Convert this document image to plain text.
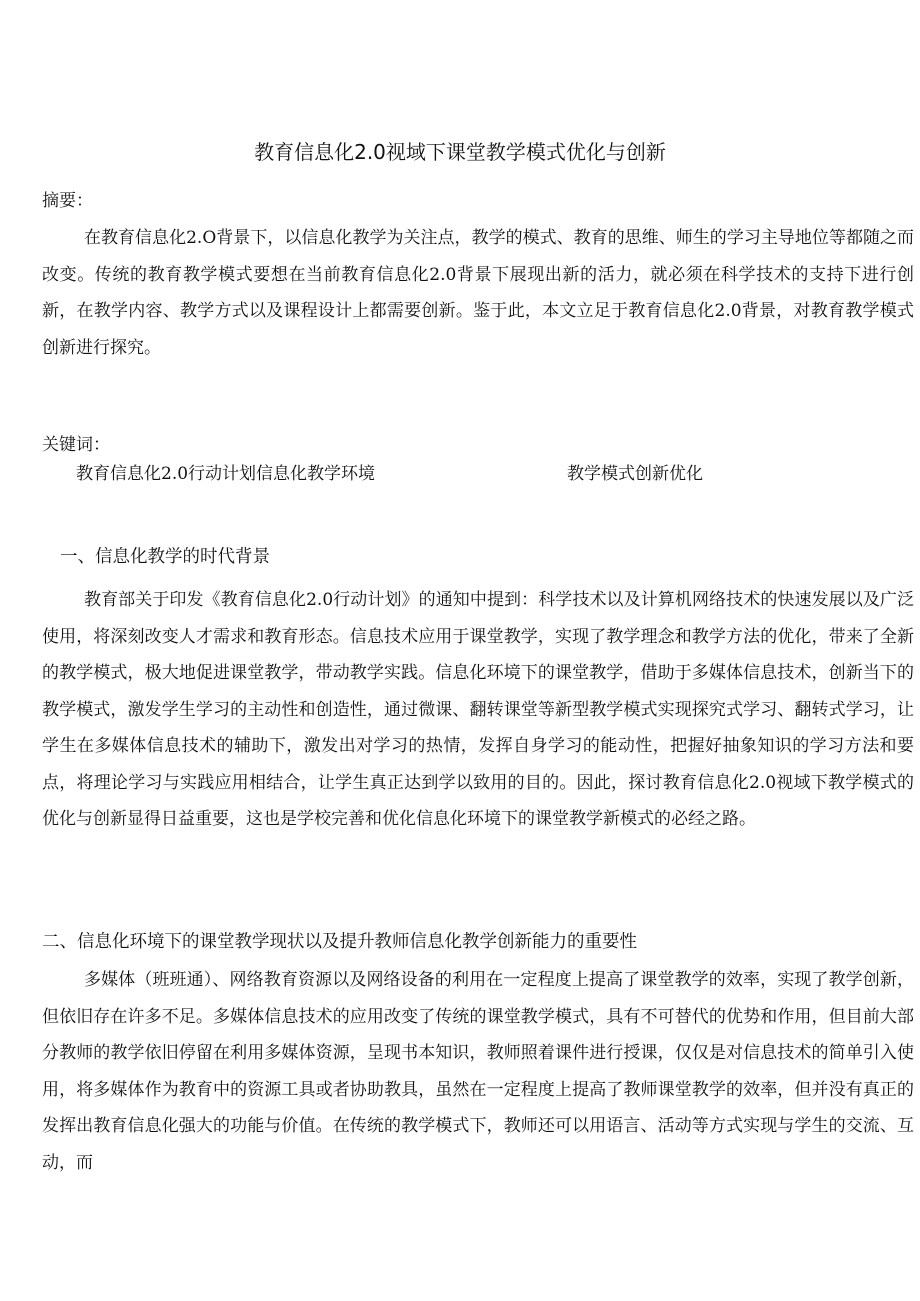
教育信息化2.0视域下课堂教学模式优化与创新
摘要：

在教育信息化2.O背景下，以信息化教学为关注点，教学的模式、教育的思维、师生的学习主导地位等都随之而改变。传统的教育教学模式要想在当前教育信息化2.0背景下展现出新的活力，就必须在科学技术的支持下进行创新，在教学内容、教学方式以及课程设计上都需要创新。鉴于此，本文立足于教育信息化2.0背景，对教育教学模式创新进行探究。

关键词：
教育信息化2.0行动计划信息化教学环境	教学模式创新优化
一、信息化教学的时代背景

教育部关于印发《教育信息化2.0行动计划》的通知中提到：科学技术以及计算机网络技术的快速发展以及广泛使用，将深刻改变人才需求和教育形态。信息技术应用于课堂教学，实现了教学理念和教学方法的优化，带来了全新的教学模式，极大地促进课堂教学，带动教学实践。信息化环境下的课堂教学，借助于多媒体信息技术，创新当下的教学模式，激发学生学习的主动性和创造性，通过微课、翻转课堂等新型教学模式实现探究式学习、翻转式学习，让学生在多媒体信息技术的辅助下，激发出对学习的热情，发挥自身学习的能动性，把握好抽象知识的学习方法和要点，将理论学习与实践应用相结合，让学生真正达到学以致用的目的。因此，探讨教育信息化2.0视域下教学模式的优化与创新显得日益重要，这也是学校完善和优化信息化环境下的课堂教学新模式的必经之路。

二、信息化环境下的课堂教学现状以及提升教师信息化教学创新能力的重要性

多媒体（班班通）、网络教育资源以及网络设备的利用在一定程度上提高了课堂教学的效率，实现了教学创新，但依旧存在许多不足。多媒体信息技术的应用改变了传统的课堂教学模式，具有不可替代的优势和作用，但目前大部分教师的教学依旧停留在利用多媒体资源，呈现书本知识，教师照着课件进行授课，仅仅是对信息技术的简单引入使用，将多媒体作为教育中的资源工具或者协助教具，虽然在一定程度上提高了教师课堂教学的效率，但并没有真正的发挥出教育信息化强大的功能与价值。在传统的教学模式下，教师还可以用语言、活动等方式实现与学生的交流、互动，而
